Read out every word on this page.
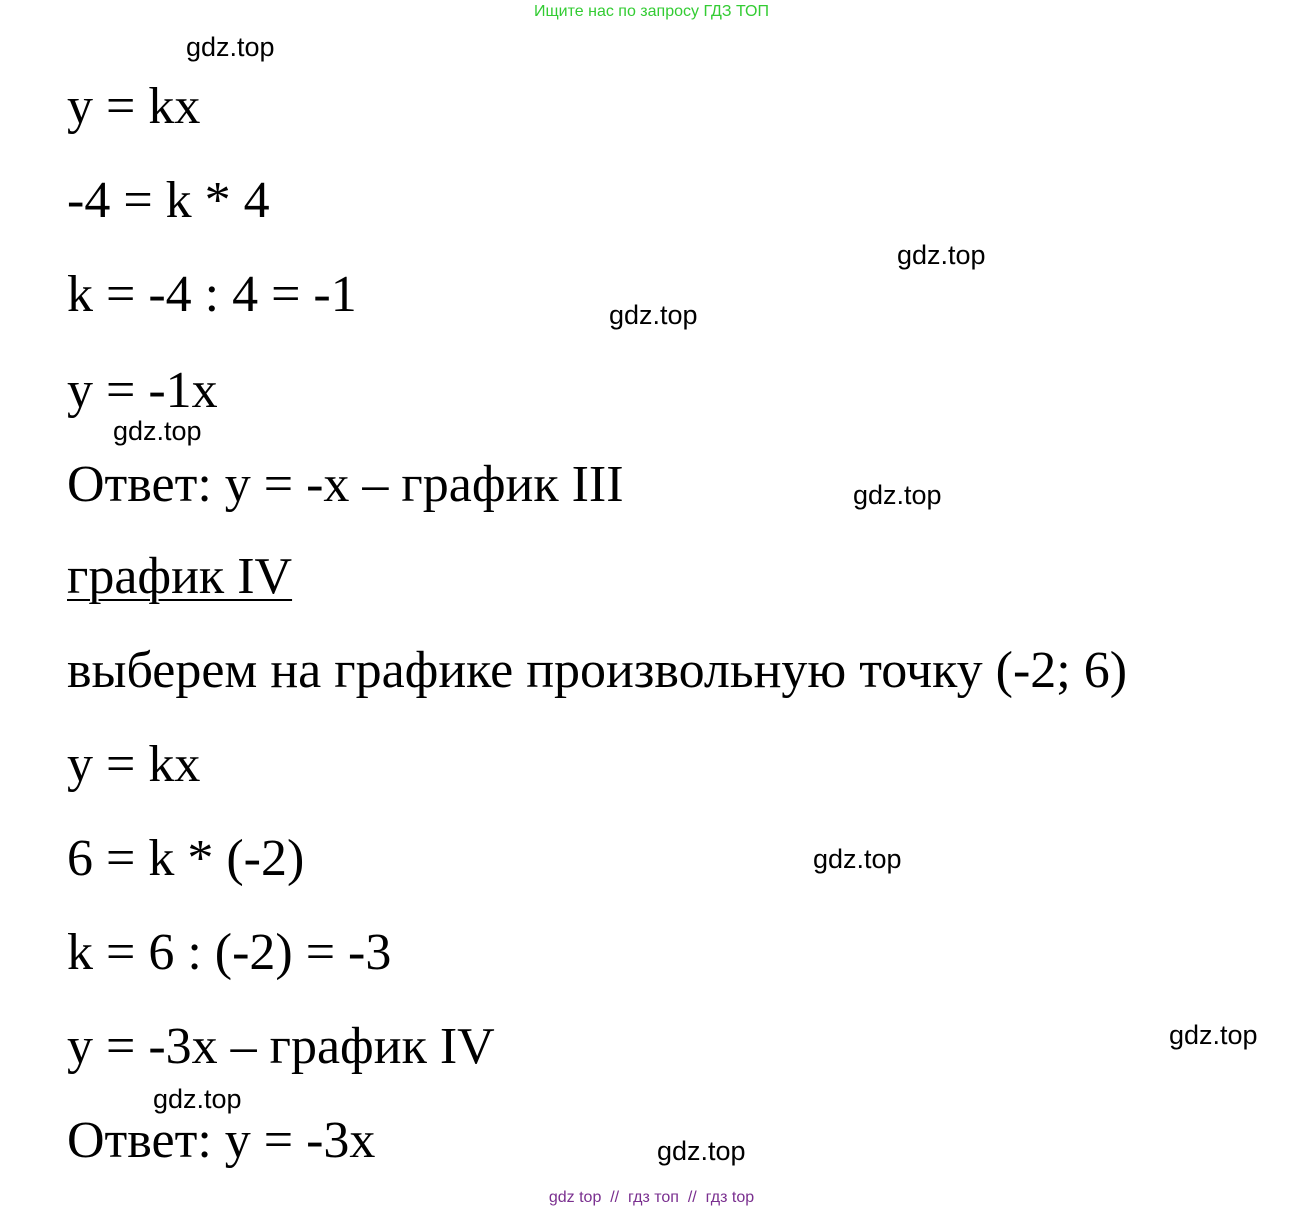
Ищите нас по запросу ГДЗ ТОП
y = kx
-4 = k * 4
k = -4 : 4 = -1
y = -1x
Ответ: y = -x – график III
график IV
выберем на графике произвольную точку (-2; 6)
y = kx
6 = k * (-2)
k = 6 : (-2) = -3
y = -3x – график IV
Ответ: y = -3x
gdz.top
gdz.top
gdz.top
gdz.top
gdz.top
gdz.top
gdz.top
gdz.top
gdz.top
gdz top // гдз топ // гдз top
